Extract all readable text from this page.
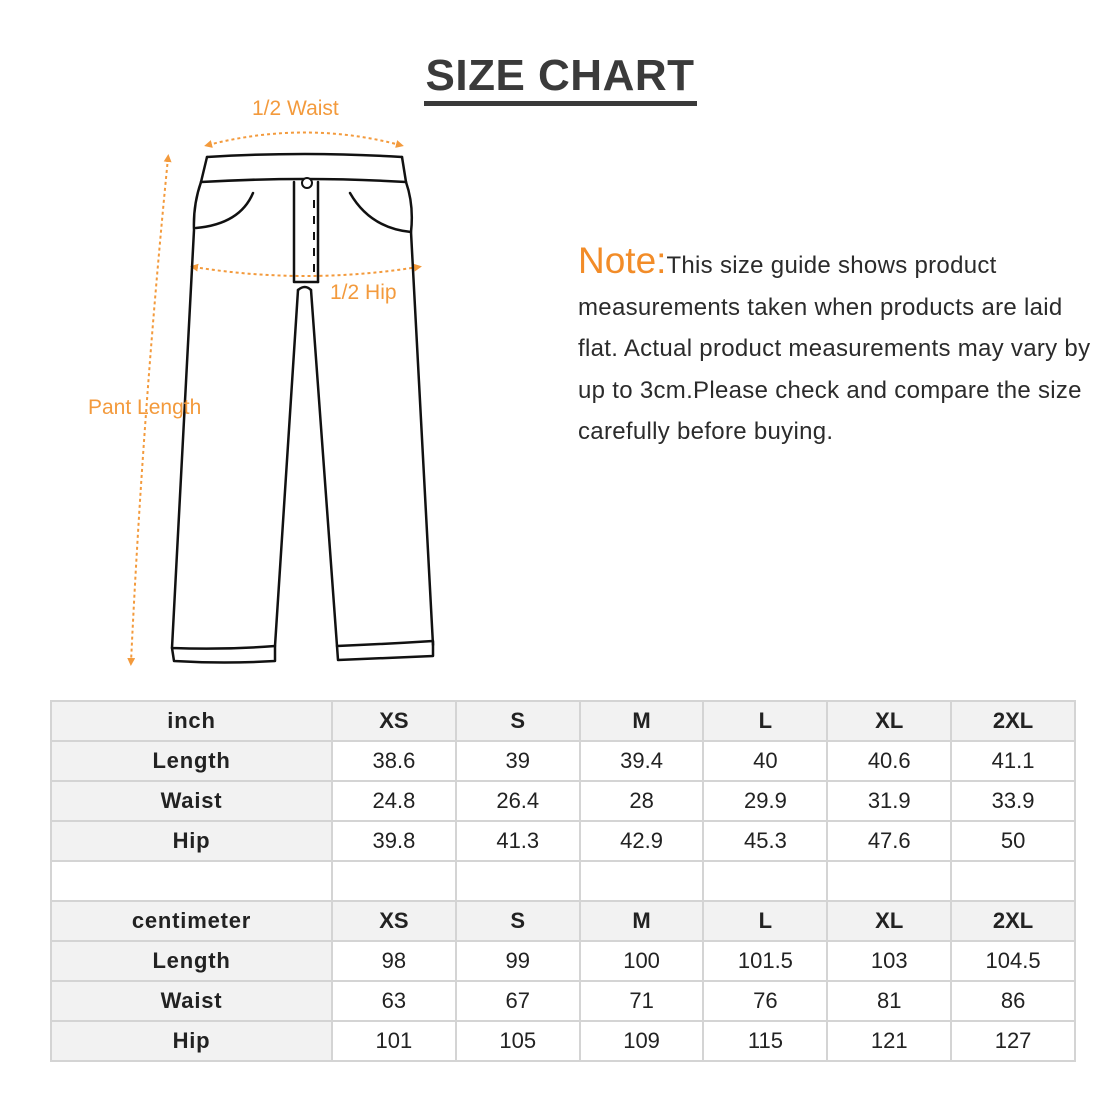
SIZE CHART
1/2 Waist
1/2 Hip
Pant Length
Note:This size guide shows product measurements taken when products are laid flat. Actual product measurements may vary by up to 3cm.Please check and compare the size carefully before buying.
inch	XS	S	M	L	XL	2XL
Length	38.6	39	39.4	40	40.6	41.1
Waist	24.8	26.4	28	29.9	31.9	33.9
Hip	39.8	41.3	42.9	45.3	47.6	50

centimeter	XS	S	M	L	XL	2XL
Length	98	99	100	101.5	103	104.5
Waist	63	67	71	76	81	86
Hip	101	105	109	115	121	127
